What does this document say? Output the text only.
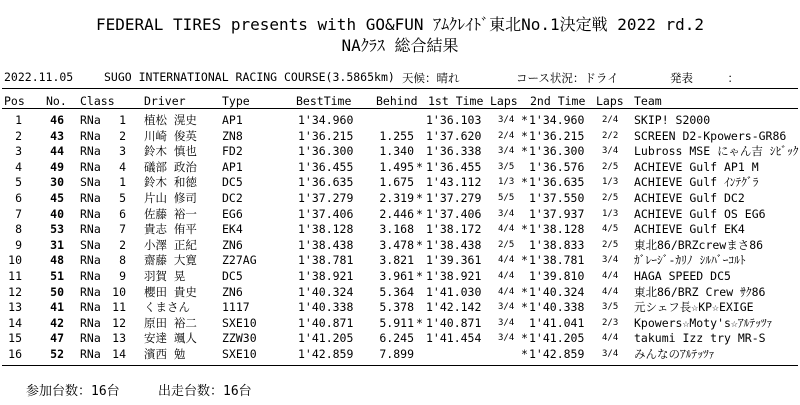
FEDERAL TIRES presents with GO&FUN ｱﾑｸﾚｲﾄﾞ東北No.1決定戦 2022 rd.2
NAｸﾗｽ 総合結果
2022.11.05	SUGO INTERNATIONAL RACING COURSE(3.5865km) 天候：晴れ	コース状況：ドライ	発表　　　：
Pos No. Class	Driver	Type	BestTime Behind 1st Time Laps 2nd Time Laps Team
1	46 RNa	1 植松 滉史 AP1	1'34.960	1'36.103 3/4 * 1'34.960 2/4 SKIP! S2000
2	43 RNa	2 川崎 俊英 ZN8	1'36.215	1.255 1'37.620 2/4 * 1'36.215 2/2 SCREEN D2-Kpowers-GR86
3	44 RNa	3 鈴木 慎也 FD2	1'36.300	1.340 1'36.338 3/4 * 1'36.300 3/4 Lubross MSE にゃん吉 ｼﾋﾞｯｸ
4	49 RNa	4 礒部 政治 AP1	1'36.455	1.495 * 1'36.455 3/5 1'36.576 2/5 ACHIEVE Gulf AP1 M
5	30 SNa	1 鈴木 和徳 DC5	1'36.635	1.675 1'43.112 1/3 * 1'36.635 1/3 ACHIEVE Gulf ｲﾝﾃｸﾞﾗ
6	45 RNa	5 片山 修司 DC2	1'37.279	2.319 * 1'37.279 5/5 1'37.550 2/5 ACHIEVE Gulf DC2
7	40 RNa	6 佐藤 裕一 EG6	1'37.406	2.446 * 1'37.406 3/4 1'37.937 1/3 ACHIEVE Gulf OS EG6
8	53 RNa	7 貴志 侑平 EK4	1'38.128	3.168 1'38.172 4/4 * 1'38.128 4/5 ACHIEVE Gulf EK4
9	31 SNa	2 小澤 正紀 ZN6	1'38.438	3.478 * 1'38.438 2/5 1'38.833 2/5 東北86/BRZcrewまさ86
10	48 RNa	8 齋藤 大寛 Z27AG	1'38.781	3.821 1'39.361 4/4 * 1'38.781 3/4 ｶﾞﾚｰｼﾞ-ｶﾘﾉ ｼﾙﾊﾞｰｺﾙﾄ
11	51 RNa	9 羽賀 晃	DC5	1'38.921	3.961 * 1'38.921 4/4 1'39.810 4/4 HAGA SPEED DC5
12	50 RNa 10 櫻田 貴史 ZN6	1'40.324	5.364 1'41.030 4/4 * 1'40.324 4/4 東北86/BRZ Crew ｻｸ86
13	41 RNa 11 くまさん	1117	1'40.338	5.378 1'42.142 3/4 * 1'40.338 3/5 元シェフ長☆KP☆EXIGE
14	42 RNa 12 原田 裕二 SXE10	1'40.871	5.911 * 1'40.871 3/4 1'41.041 2/3 Kpowers☆Moty's☆ｱﾙﾃｯﾂｧ
15	47 RNa 13 安達 颯人 ZZW30	1'41.205	6.245 1'41.454 3/4 * 1'41.205 4/4 takumi Izz try MR-S
16	52 RNa 14 濱西 勉	SXE10	1'42.859	7.899	* 1'42.859 3/4 みんなのｱﾙﾃｯﾂｧ
参加台数：16台	出走台数：16台
